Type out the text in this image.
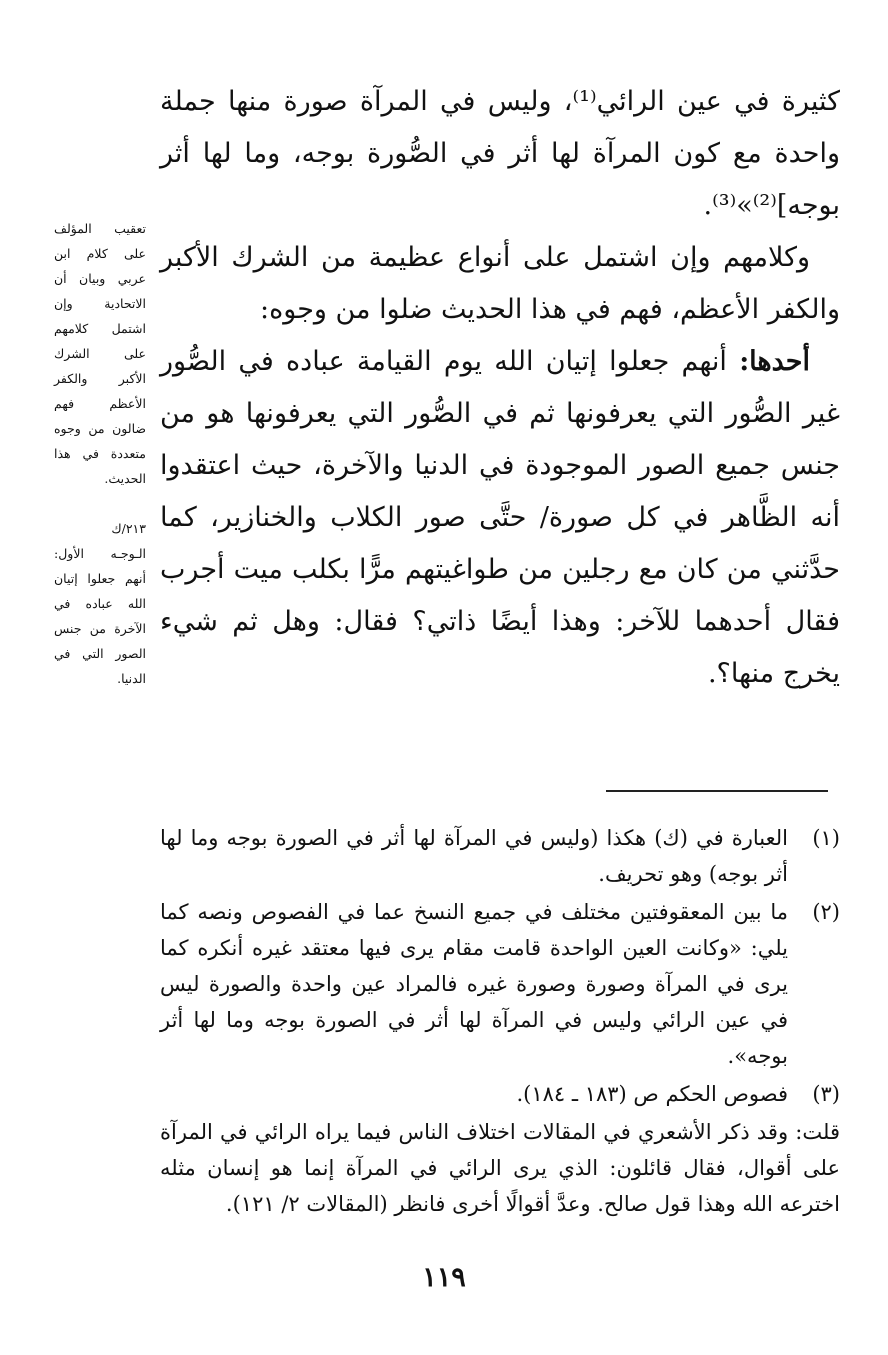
كثيرة في عين الرائي⁽¹⁾، وليس في المرآة صورة منها جملة واحدة مع كون المرآة لها أثر في الصُّورة بوجه، وما لها أثر بوجه]⁽²⁾»⁽³⁾.

وكلامهم وإن اشتمل على أنواع عظيمة من الشرك الأكبر والكفر الأعظم، فهم في هذا الحديث ضلوا من وجوه:

أحدها: أنهم جعلوا إتيان الله يوم القيامة عباده في الصُّور غير الصُّور التي يعرفونها ثم في الصُّور التي يعرفونها هو من جنس جميع الصور الموجودة في الدنيا والآخرة، حيث اعتقدوا أنه الظَّاهر في كل صورة/ حتَّى صور الكلاب والخنازير، كما حدَّثني من كان مع رجلين من طواغيتهم مرًّا بكلب ميت أجرب فقال أحدهما للآخر: وهذا أيضًا ذاتي؟ فقال: وهل ثم شيء يخرج منها؟.

تعقيب المؤلف على كلام ابن عربي وبيان أن الاتحادية وإن اشتمل كلامهم على الشرك الأكبر والكفر الأعظم فهم ضالون من وجوه متعددة في هذا الحديث.
٢١٣/ك
الـوجـه الأول: أنهم جعلوا إتيان الله عباده في الآخرة من جنس الصور التي في الدنيا.
(١)
العبارة في (ك) هكذا (وليس في المرآة لها أثر في الصورة بوجه وما لها أثر بوجه) وهو تحريف.
(٢)
ما بين المعقوفتين مختلف في جميع النسخ عما في الفصوص ونصه كما يلي: «وكانت العين الواحدة قامت مقام يرى فيها معتقد غيره أنكره كما يرى في المرآة وصورة وصورة غيره فالمراد عين واحدة والصورة ليس في عين الرائي وليس في المرآة لها أثر في الصورة بوجه وما لها أثر بوجه».
(٣)
فصوص الحكم ص (١٨٣ ـ ١٨٤).
قلت: وقد ذكر الأشعري في المقالات اختلاف الناس فيما يراه الرائي في المرآة على أقوال، فقال قائلون: الذي يرى الرائي في المرآة إنما هو إنسان مثله اخترعه الله وهذا قول صالح. وعدَّ أقوالًا أخرى فانظر (المقالات ٢/ ١٢١).
١١٩
